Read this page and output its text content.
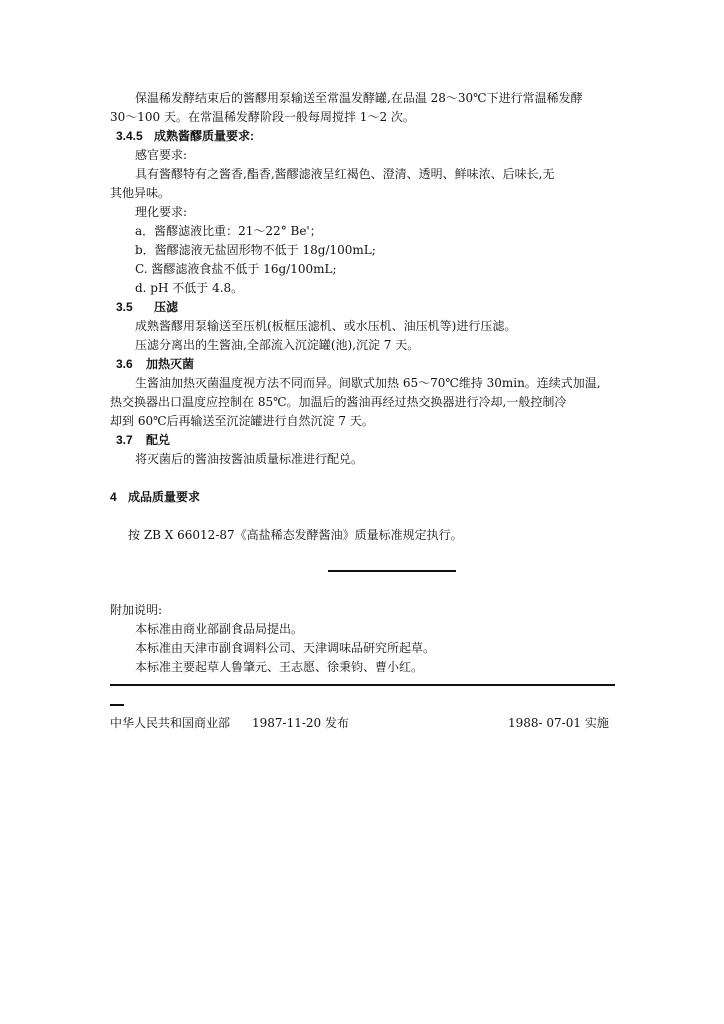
保温稀发酵结束后的酱醪用泵输送至常温发酵罐,在品温 28～30℃下进行常温稀发酵

30～100 天。在常温稀发酵阶段一般每周搅拌 1～2 次。

3.4.5 成熟酱醪质量要求:

感官要求:

具有酱醪特有之酱香,酯香,酱醪滤液呈红褐色、澄清、透明、鲜味浓、后味长,无

其他异味。

理化要求:

a．酱醪滤液比重：21～22° Be'；

b．酱醪滤液无盐固形物不低于 18g/100mL;

C. 酱醪滤液食盐不低于 16g/100mL;

d. pH 不低于 4.8。

3.5 压滤

成熟酱醪用泵输送至压机(板框压滤机、或水压机、油压机等)进行压滤。

压滤分离出的生酱油,全部流入沉淀罐(池),沉淀 7 天。

3.6 加热灭菌

生酱油加热灭菌温度视方法不同而异。间歇式加热 65～70℃维持 30min。连续式加温,

热交换器出口温度应控制在 85℃。加温后的酱油再经过热交换器进行冷却,一般控制冷

却到 60℃后再输送至沉淀罐进行自然沉淀 7 天。

3.7 配兑

将灭菌后的酱油按酱油质量标准进行配兑。

4 成品质量要求

按 ZB X 66012-87《高盐稀态发酵酱油》质量标准规定执行。

附加说明:

本标准由商业部副食品局提出。

本标准由天津市副食调料公司、天津调味品研究所起草。

本标准主要起草人鲁肇元、王志愿、徐秉钧、曹小红。

中华人民共和国商业部 1987-11-20 发布	1988- 07-01 实施
